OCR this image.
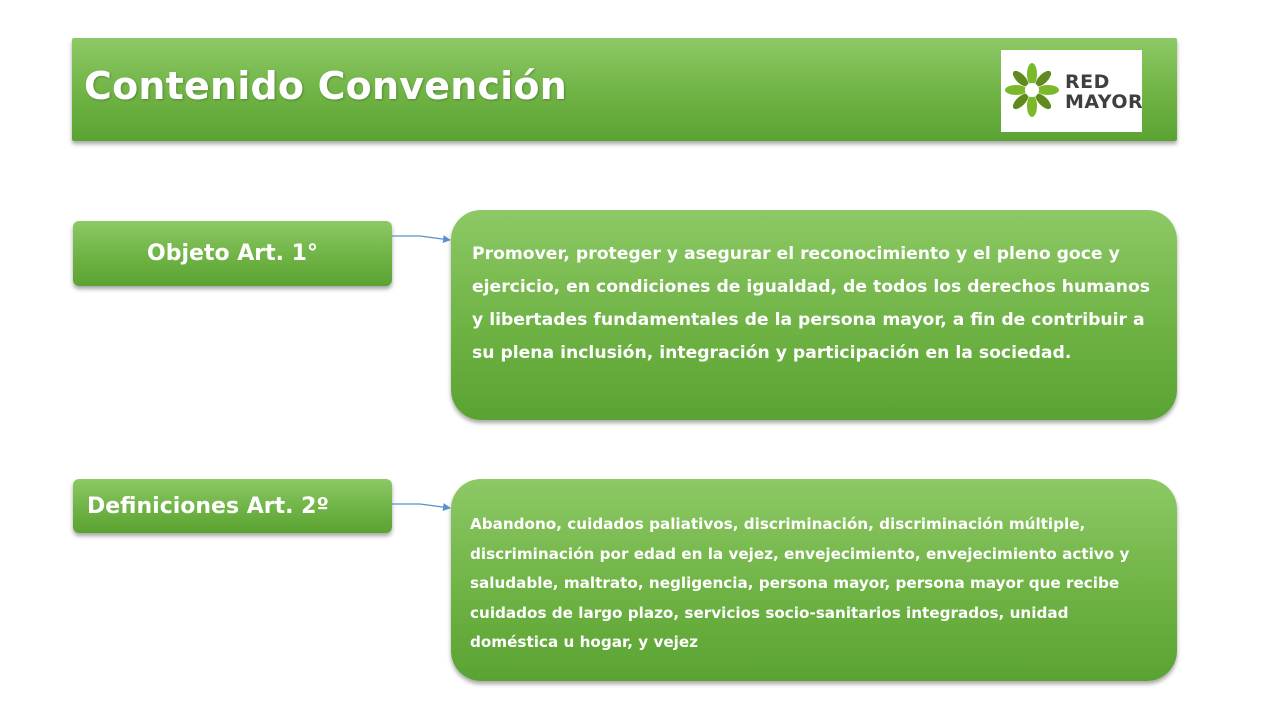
Contenido Convención	RED
MAYOR
Objeto Art. 1°	Promover, proteger y asegurar el reconocimiento y el pleno goce y ejercicio, en condiciones de igualdad, de todos los derechos humanos y libertades fundamentales de la persona mayor, a fin de contribuir a su plena inclusión, integración y participación en la sociedad.
Definiciones Art. 2º
Abandono, cuidados paliativos, discriminación, discriminación múltiple, discriminación por edad en la vejez, envejecimiento, envejecimiento activo y saludable, maltrato, negligencia, persona mayor, persona mayor que recibe cuidados de largo plazo, servicios socio-sanitarios integrados, unidad doméstica u hogar, y vejez
